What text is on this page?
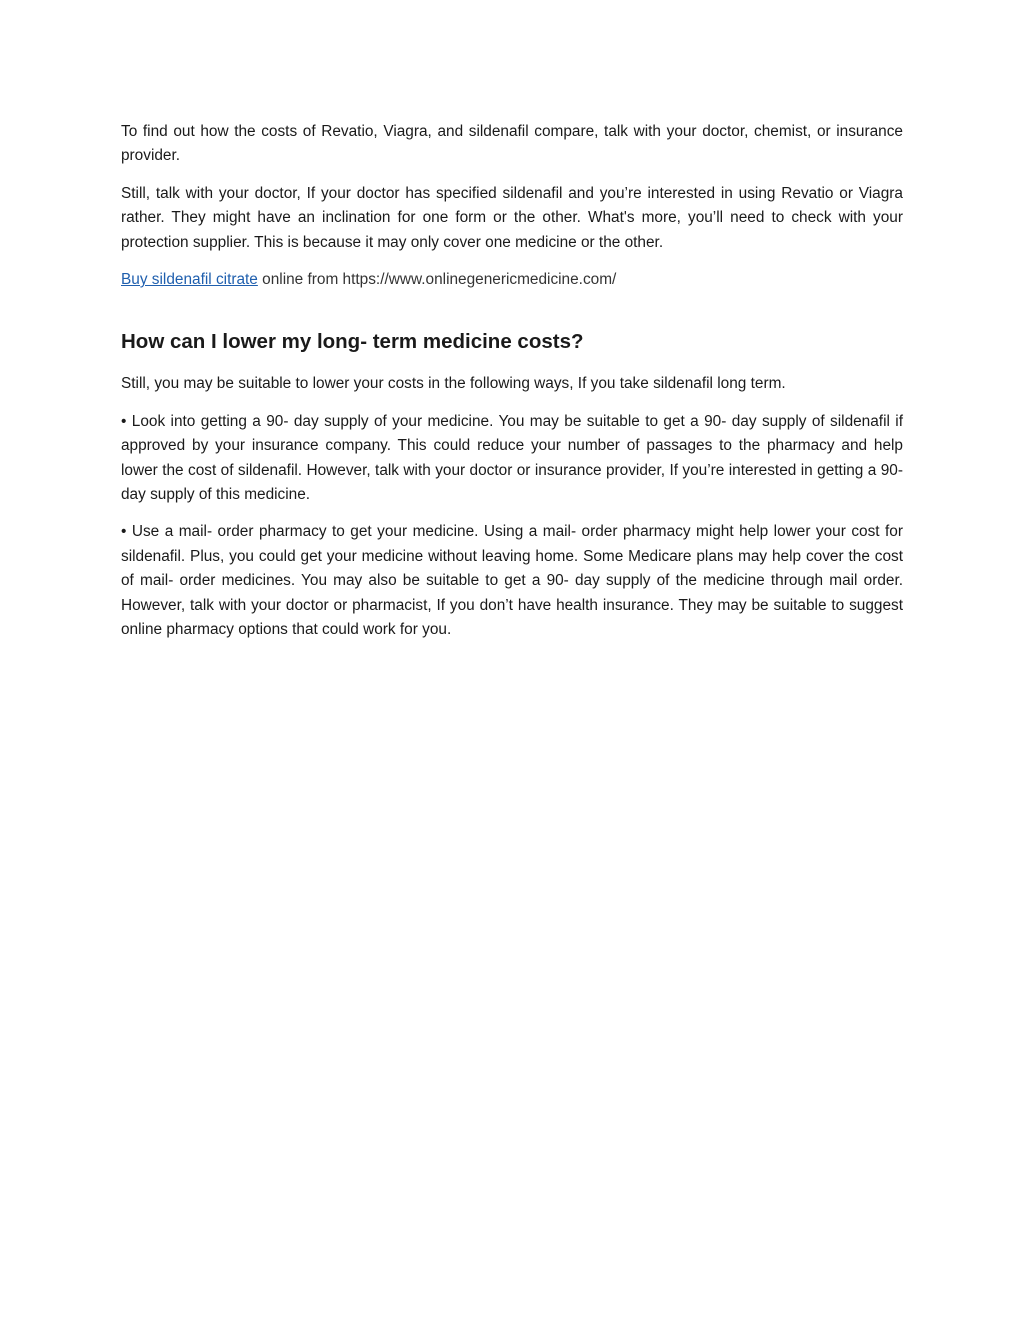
To find out how the costs of Revatio, Viagra, and sildenafil compare, talk with your doctor, chemist, or insurance provider.

Still, talk with your doctor, If your doctor has specified sildenafil and you’re interested in using Revatio or Viagra rather. They might have an inclination for one form or the other. What's more, you’ll need to check with your protection supplier. This is because it may only cover one medicine or the other.

Buy sildenafil citrate online from https://www.onlinegenericmedicine.com/

How can I lower my long- term medicine costs?

Still, you may be suitable to lower your costs in the following ways, If you take sildenafil long term.

• Look into getting a 90- day supply of your medicine. You may be suitable to get a 90- day supply of sildenafil if approved by your insurance company. This could reduce your number of passages to the pharmacy and help lower the cost of sildenafil. However, talk with your doctor or insurance provider, If you’re interested in getting a 90- day supply of this medicine.

• Use a mail- order pharmacy to get your medicine. Using a mail- order pharmacy might help lower your cost for sildenafil. Plus, you could get your medicine without leaving home. Some Medicare plans may help cover the cost of mail- order medicines. You may also be suitable to get a 90- day supply of the medicine through mail order. However, talk with your doctor or pharmacist, If you don’t have health insurance. They may be suitable to suggest online pharmacy options that could work for you.
